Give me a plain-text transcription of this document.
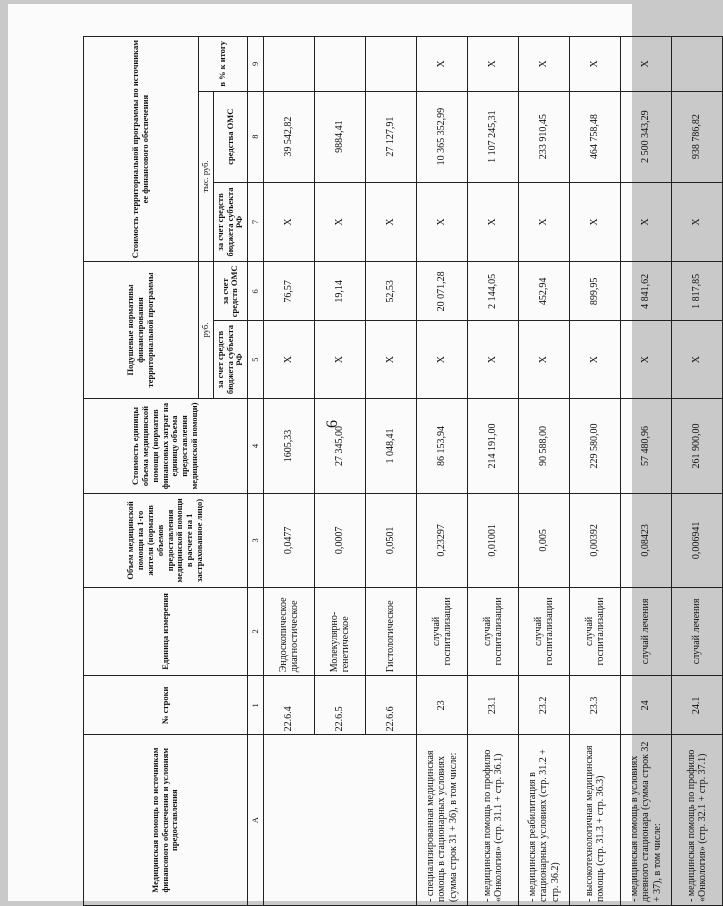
6
Медицинская помощь по источникам финансового обеспечения и условиям предоставления	№ строки	Единица измерения	Объем медицинской помощи на 1-го жителя (норматив объемов предоставления медицинской помощи в расчете на 1 застрахованное лицо)	Стоимость единицы объема медицинской помощи (норматив финансовых затрат на единицу объема предоставления медицинской помощи)	Подушевые нормативы финансирования территориальной программы		Стоимость территориальной программы по источникам ее финансового обеспечения		
					руб.		тыс. руб.		в % к итогу
					за счет средств бюджета субъекта РФ	за счет средств ОМС	за счет средств бюджета субъекта РФ	средства ОМС	
А	1	2	3	4	5	6	7	8	9
	22.6.4	Эндоскопическое диагностическое	0,0477	1605,33	X	76,57	X	39 542,82	
	22.6.5	Молекулярно-генетическое	0,0007	27 345,00	X	19,14	X	9884,41	
	22.6.6	Гистологическое	0,0501	1 048,41	X	52,53	X	27 127,91	
- специализированная медицинская помощь в стационарных условиях (сумма строк 31 + 36), в том числе:	23	случай госпитализации	0,23297	86 153,94	X	20 071,28	X	10 365 352,99	X
- медицинская помощь по профилю «Онкология» (стр. 31.1 + стр. 36.1)	23.1	случай госпитализации	0,01001	214 191,00	X	2 144,05	X	1 107 245,31	X
- медицинская реабилитация в стационарных условиях (стр. 31.2 + стр. 36.2)	23.2	случай госпитализации	0,005	90 588,00	X	452,94	X	233 910,45	X
- высокотехнологичная медицинская помощь (стр. 31.3 + стр. 36.3)	23.3	случай госпитализации	0,00392	229 580,00	X	899,95	X	464 758,48	X
- медицинская помощь в условиях дневного стационара (сумма строк 32 + 37), в том числе:	24	случай лечения	0,08423	57 480,96	X	4 841,62	X	2 500 343,29	X
- медицинская помощь по профилю «Онкология» (стр. 32.1 + стр. 37.1)	24.1	случай лечения	0,006941	261 900,00	X	1 817,85	X	938 786,82	
